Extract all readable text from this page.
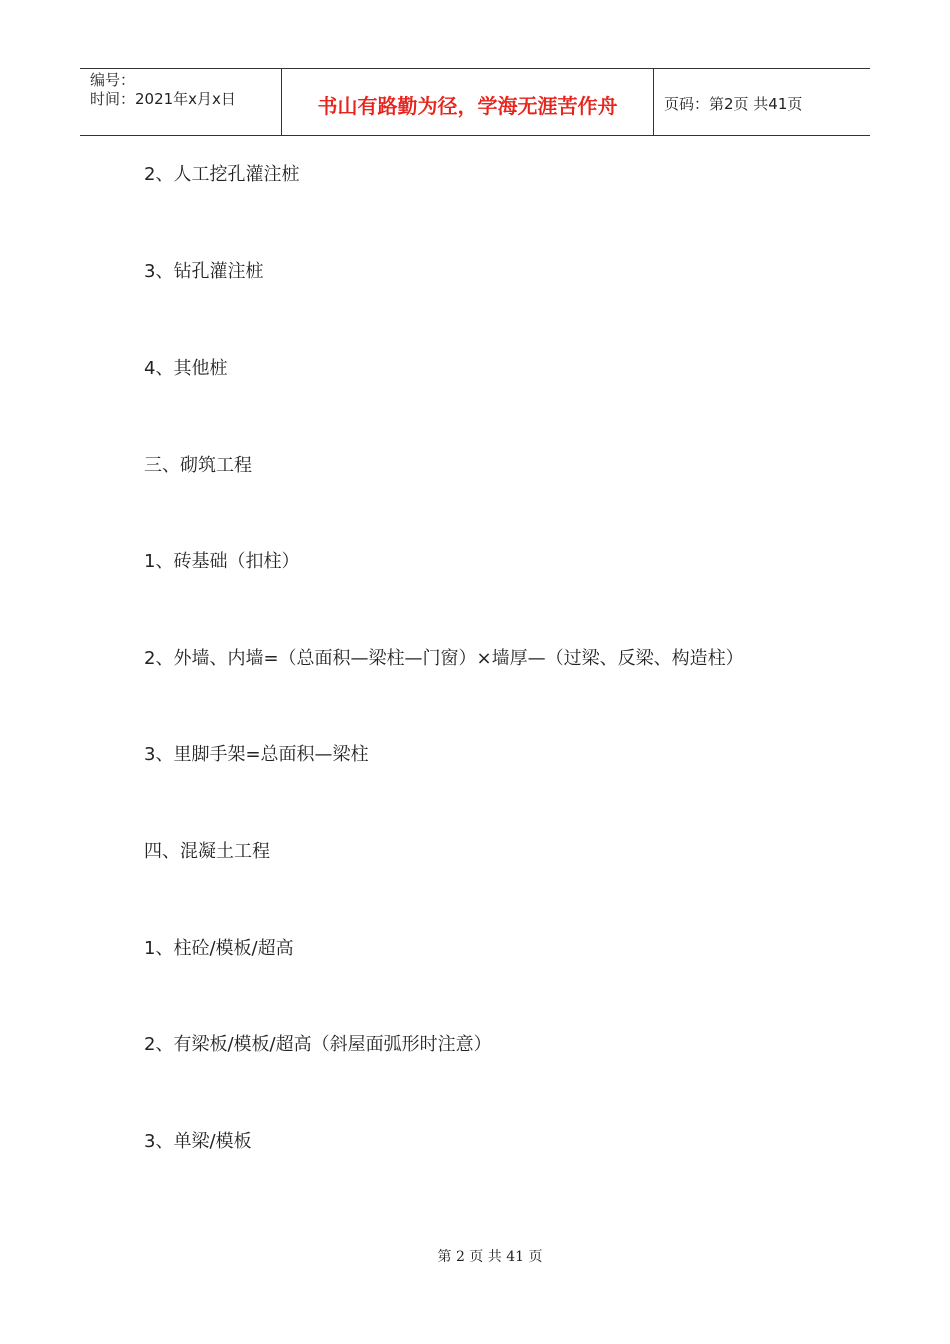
编号：
时间：2021年x月x日	书山有路勤为径，学海无涯苦作舟	页码：第2页 共41页
2、人工挖孔灌注桩
3、钻孔灌注桩
4、其他桩
三、砌筑工程
1、砖基础（扣柱）
2、外墙、内墙=（总面积—梁柱—门窗）×墙厚—（过梁、反梁、构造柱）
3、里脚手架=总面积—梁柱
四、混凝土工程
1、柱砼/模板/超高
2、有梁板/模板/超高（斜屋面弧形时注意）
3、单梁/模板
第 2 页 共 41 页
